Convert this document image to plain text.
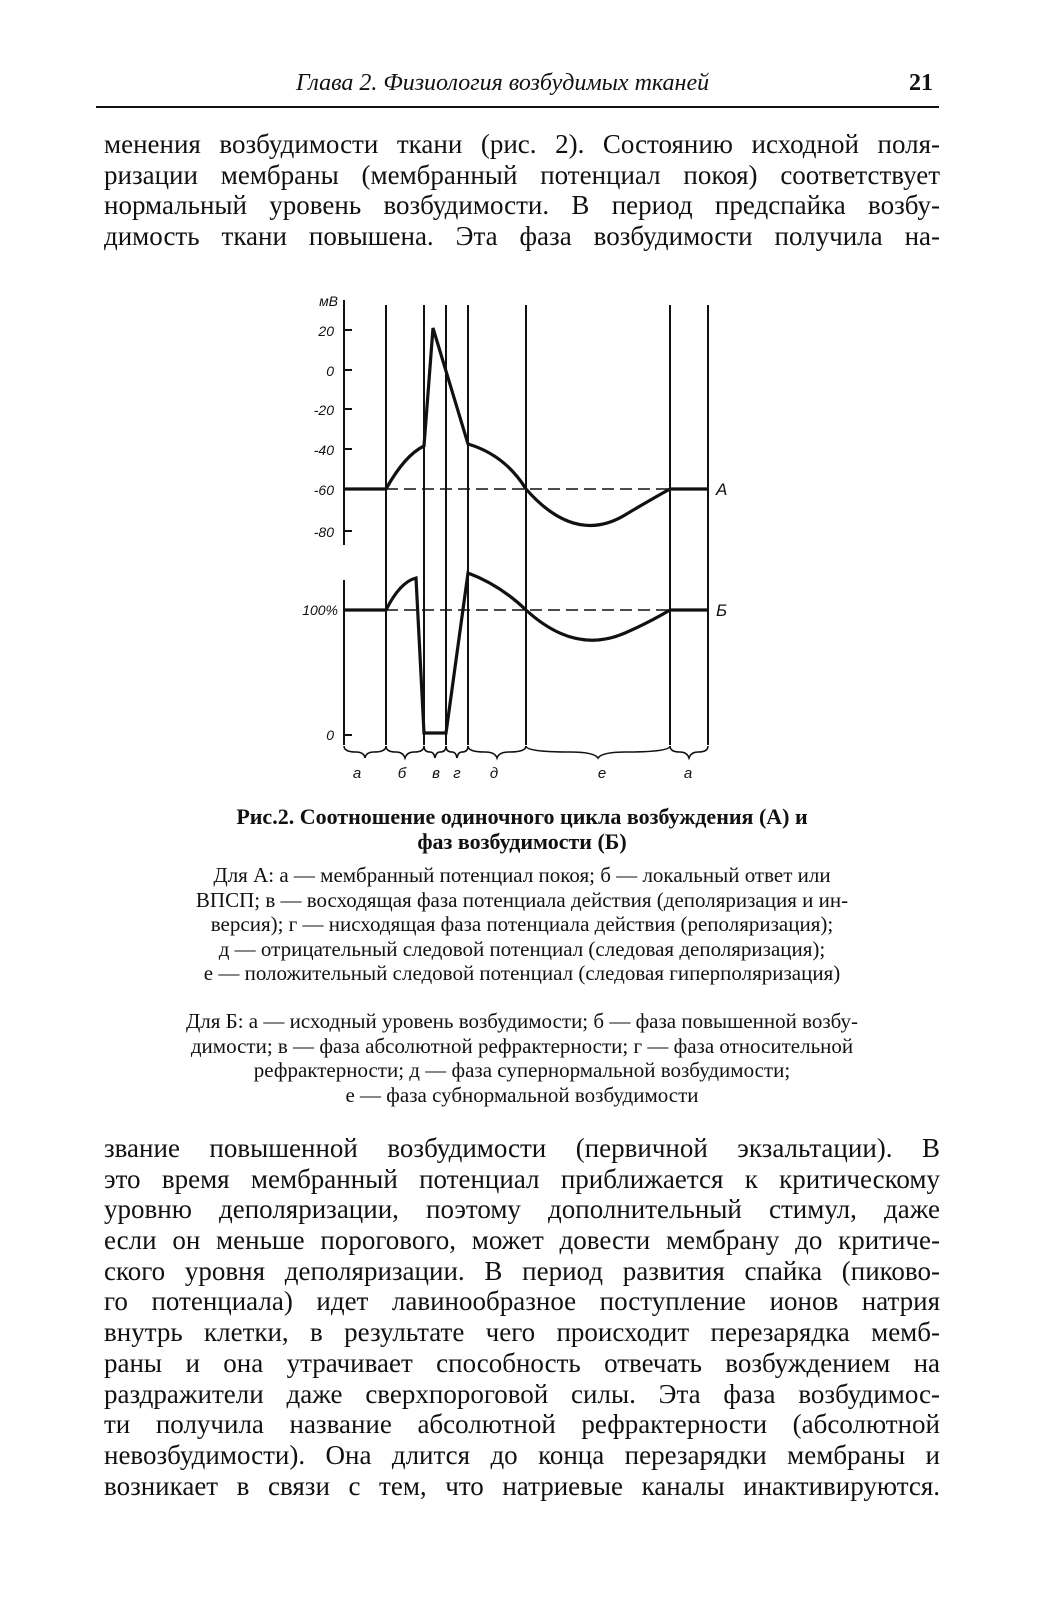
Глава 2. Физиология возбудимых тканей	21
менения возбудимости ткани (рис. 2). Состоянию исходной поля-
ризации мембраны (мембранный потенциал покоя) соответствует
нормальный уровень возбудимости. В период предспайка возбу-
димость ткани повышена. Эта фаза возбудимости получила на-
мВ
20
0
-20
-40
-60
-80
100%
0
А
Б
а б в г д	е	а
Рис.2. Соотношение одиночного цикла возбуждения (А) и
фаз возбудимости (Б)
Для А: а — мембранный потенциал покоя; б — локальный ответ или
ВПСП; в — восходящая фаза потенциала действия (деполяризация и ин-
версия); г — нисходящая фаза потенциала действия (реполяризация);
д — отрицательный следовой потенциал (следовая деполяризация);
е — положительный следовой потенциал (следовая гиперполяризация)
Для Б: а — исходный уровень возбудимости; б — фаза повышенной возбу-
димости; в — фаза абсолютной рефрактерности; г — фаза относительной
рефрактерности; д — фаза супернормальной возбудимости;
е — фаза субнормальной возбудимости
звание повышенной возбудимости (первичной экзальтации). В
это время мембранный потенциал приближается к критическому
уровню деполяризации, поэтому дополнительный стимул, даже
если он меньше порогового, может довести мембрану до критиче-
ского уровня деполяризации. В период развития спайка (пиково-
го потенциала) идет лавинообразное поступление ионов натрия
внутрь клетки, в результате чего происходит перезарядка мемб-
раны и она утрачивает способность отвечать возбуждением на
раздражители даже сверхпороговой силы. Эта фаза возбудимос-
ти получила название абсолютной рефрактерности (абсолютной
невозбудимости). Она длится до конца перезарядки мембраны и
возникает в связи с тем, что натриевые каналы инактивируются.
